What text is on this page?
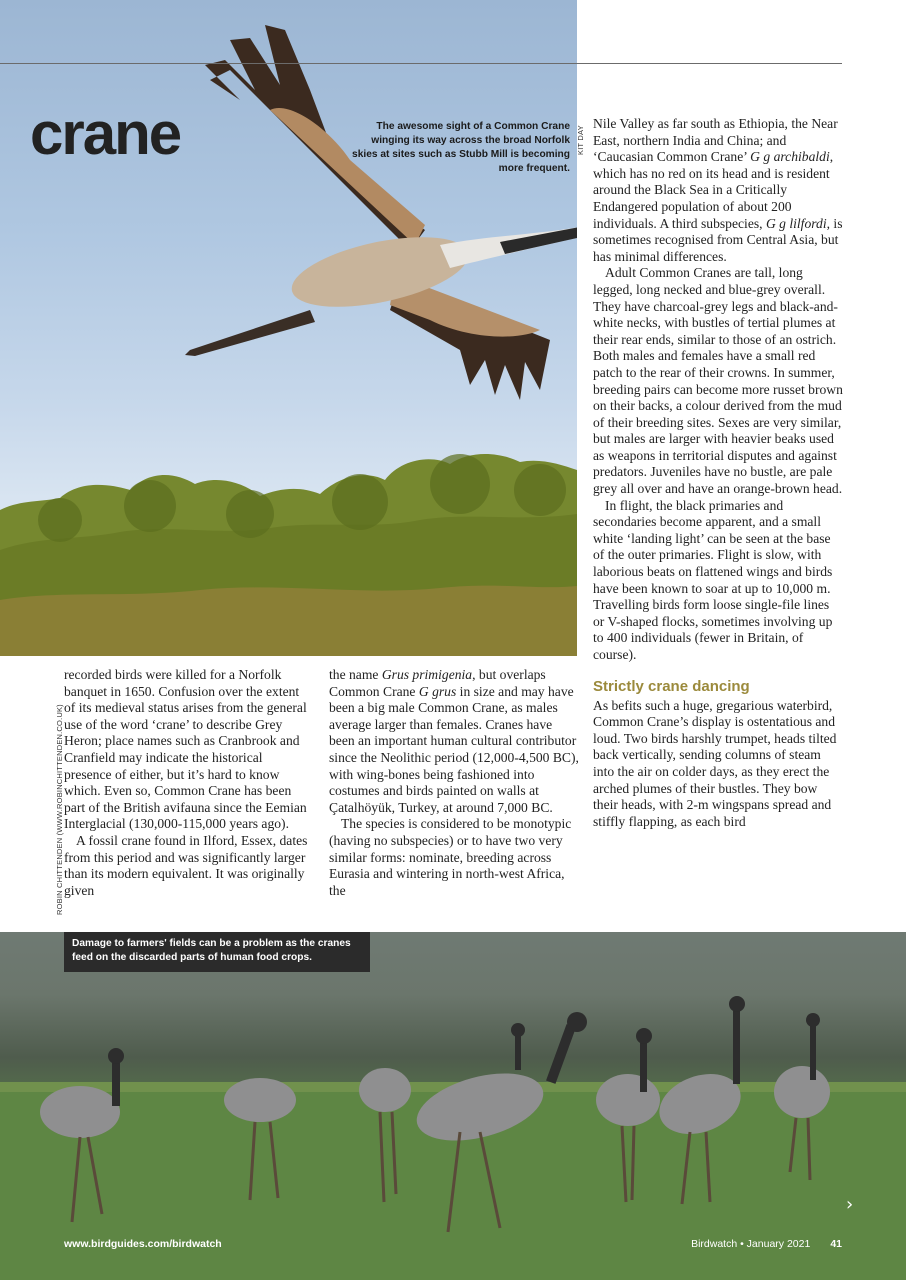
crane	The awesome sight of a Common Crane winging its way across the broad Norfolk skies at sites such as Stubb Mill is becoming more frequent.
KIT DAY
ROBIN CHITTENDEN (WWW.ROBINCHITTENDEN.CO.UK)

Nile Valley as far south as Ethiopia, the Near East, northern India and China; and ‘Caucasian Common Crane’ G g archibaldi, which has no red on its head and is resident around the Black Sea in a Critically Endangered population of about 200 individuals. A third subspecies, G g lilfordi, is sometimes recognised from Central Asia, but has minimal differences.

Adult Common Cranes are tall, long legged, long necked and blue-grey overall. They have charcoal-grey legs and black-and-white necks, with bustles of tertial plumes at their rear ends, similar to those of an ostrich. Both males and females have a small red patch to the rear of their crowns. In summer, breeding pairs can become more russet brown on their backs, a colour derived from the mud of their breeding sites. Sexes are very similar, but males are larger with heavier beaks used as weapons in territorial disputes and against predators. Juveniles have no bustle, are pale grey all over and have an orange-brown head.

In flight, the black primaries and secondaries become apparent, and a small white ‘landing light’ can be seen at the base of the outer primaries. Flight is slow, with laborious beats on flattened wings and birds have been known to soar at up to 10,000 m. Travelling birds form loose single-file lines or V-shaped flocks, sometimes involving up to 400 individuals (fewer in Britain, of course).

Strictly crane dancing

As befits such a huge, gregarious waterbird, Common Crane’s display is ostentatious and loud. Two birds harshly trumpet, heads tilted back vertically, sending columns of steam into the air on colder days, as they erect the arched plumes of their bustles. They bow their heads, with 2-m wingspans spread and stiffly flapping, as each bird

recorded birds were killed for a Norfolk banquet in 1650. Confusion over the extent of its medieval status arises from the general use of the word ‘crane’ to describe Grey Heron; place names such as Cranbrook and Cranfield may indicate the historical presence of either, but it’s hard to know which. Even so, Common Crane has been part of the British avifauna since the Eemian Interglacial (130,000-115,000 years ago).

A fossil crane found in Ilford, Essex, dates from this period and was significantly larger than its modern equivalent. It was originally given

the name Grus primigenia, but overlaps Common Crane G grus in size and may have been a big male Common Crane, as males average larger than females. Cranes have been an important human cultural contributor since the Neolithic period (12,000-4,500 BC), with wing-bones being fashioned into costumes and birds painted on walls at Çatalhöyük, Turkey, at around 7,000 BC.

The species is considered to be monotypic (having no subspecies) or to have two very similar forms: nominate, breeding across Eurasia and wintering in north-west Africa, the

Damage to farmers' fields can be a problem as the cranes feed on the discarded parts of human food crops.
www.birdguides.com/birdwatch	Birdwatch • January 2021 41
›
